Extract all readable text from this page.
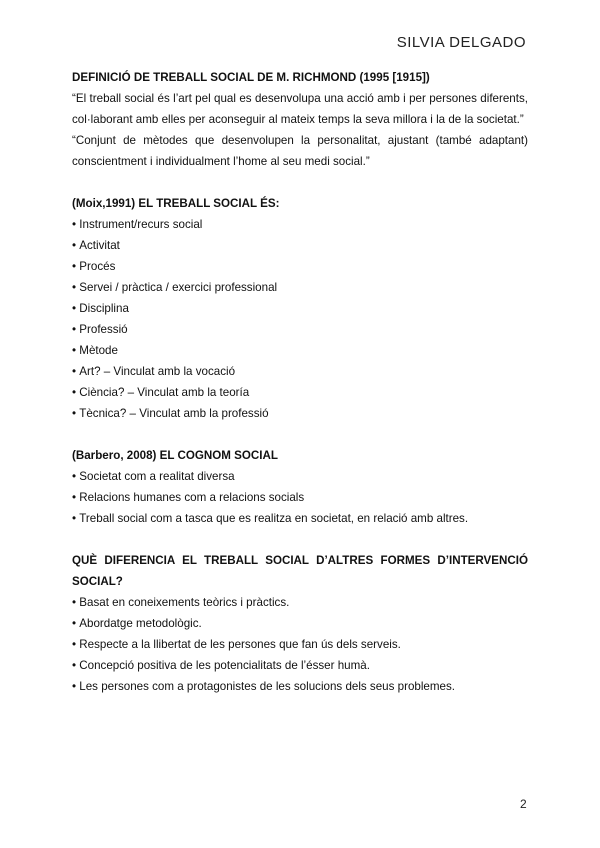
SILVIA DELGADO
DEFINICIÓ DE TREBALL SOCIAL DE M. RICHMOND (1995 [1915])
“El treball social és l’art pel qual es desenvolupa una acció amb i per persones diferents, col·laborant amb elles per aconseguir al mateix temps la seva millora i la de la societat.”
“Conjunt de mètodes que desenvolupen la personalitat, ajustant (també adaptant) conscientment i individualment l’home al seu medi social.”
(Moix,1991) EL TREBALL SOCIAL ÉS:
• Instrument/recurs social
• Activitat
• Procés
• Servei / pràctica / exercici professional
• Disciplina
• Professió
• Mètode
• Art? – Vinculat amb la vocació
• Ciència? – Vinculat amb la teoría
• Tècnica? – Vinculat amb la professió
(Barbero, 2008) EL COGNOM SOCIAL
• Societat com a realitat diversa
• Relacions humanes com a relacions socials
• Treball social com a tasca que es realitza en societat, en relació amb altres.
QUÈ DIFERENCIA EL TREBALL SOCIAL D’ALTRES FORMES D’INTERVENCIÓ SOCIAL?
• Basat en coneixements teòrics i pràctics.
• Abordatge metodològic.
• Respecte a la llibertat de les persones que fan ús dels serveis.
• Concepció positiva de les potencialitats de l’ésser humà.
• Les persones com a protagonistes de les solucions dels seus problemes.
2
